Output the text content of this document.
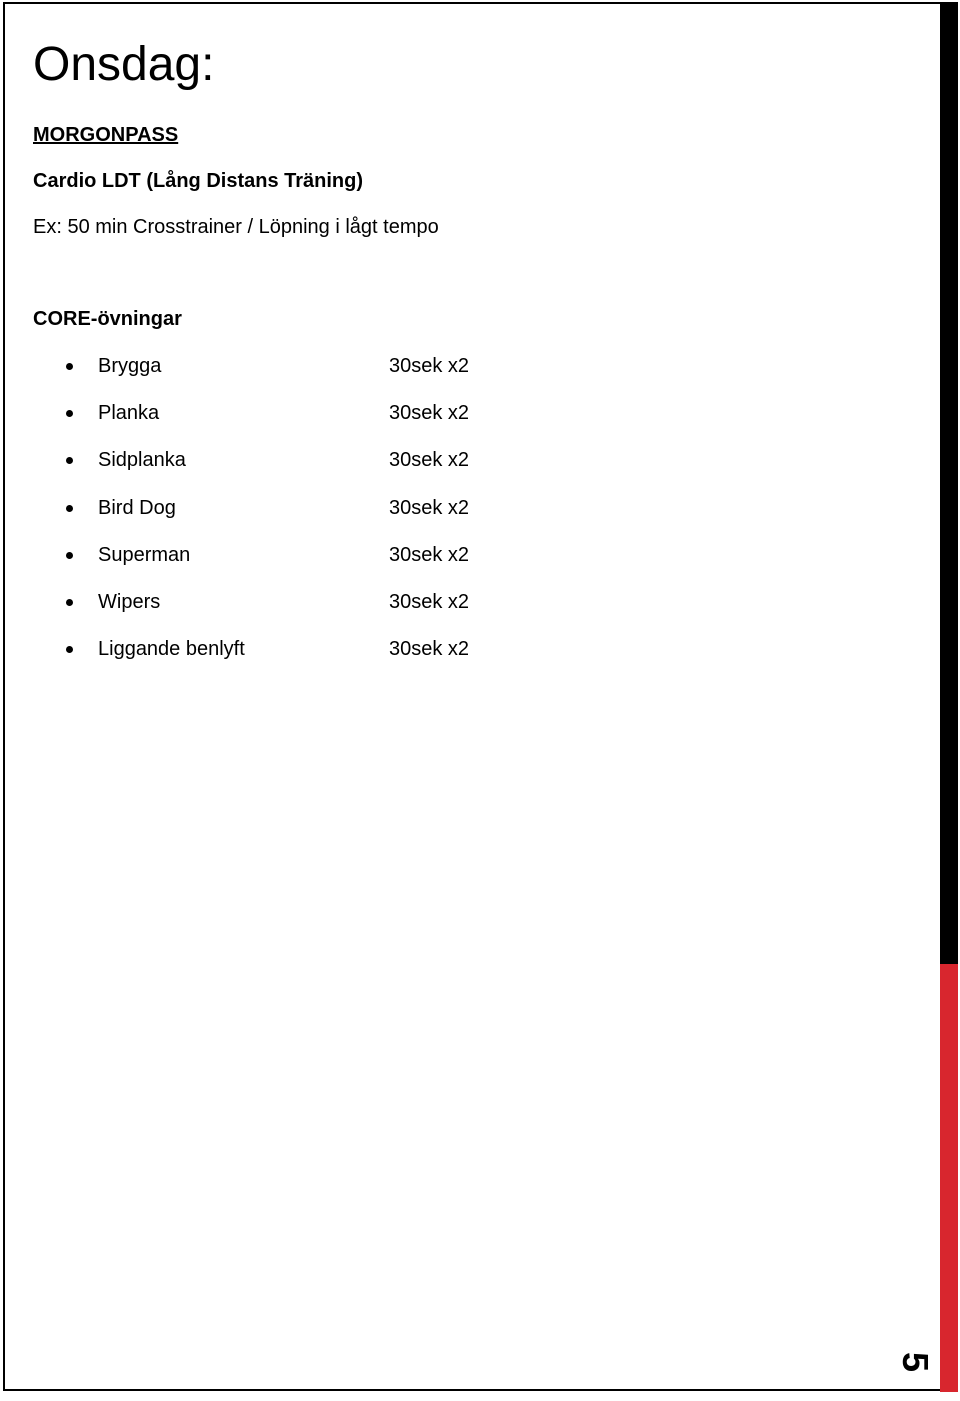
Onsdag:
MORGONPASS
Cardio LDT (Lång Distans Träning)
Ex: 50 min Crosstrainer / Löpning i lågt tempo
CORE-övningar
Brygga	30sek x2
Planka	30sek x2
Sidplanka	30sek x2
Bird Dog	30sek x2
Superman	30sek x2
Wipers	30sek x2
Liggande benlyft	30sek x2
5
